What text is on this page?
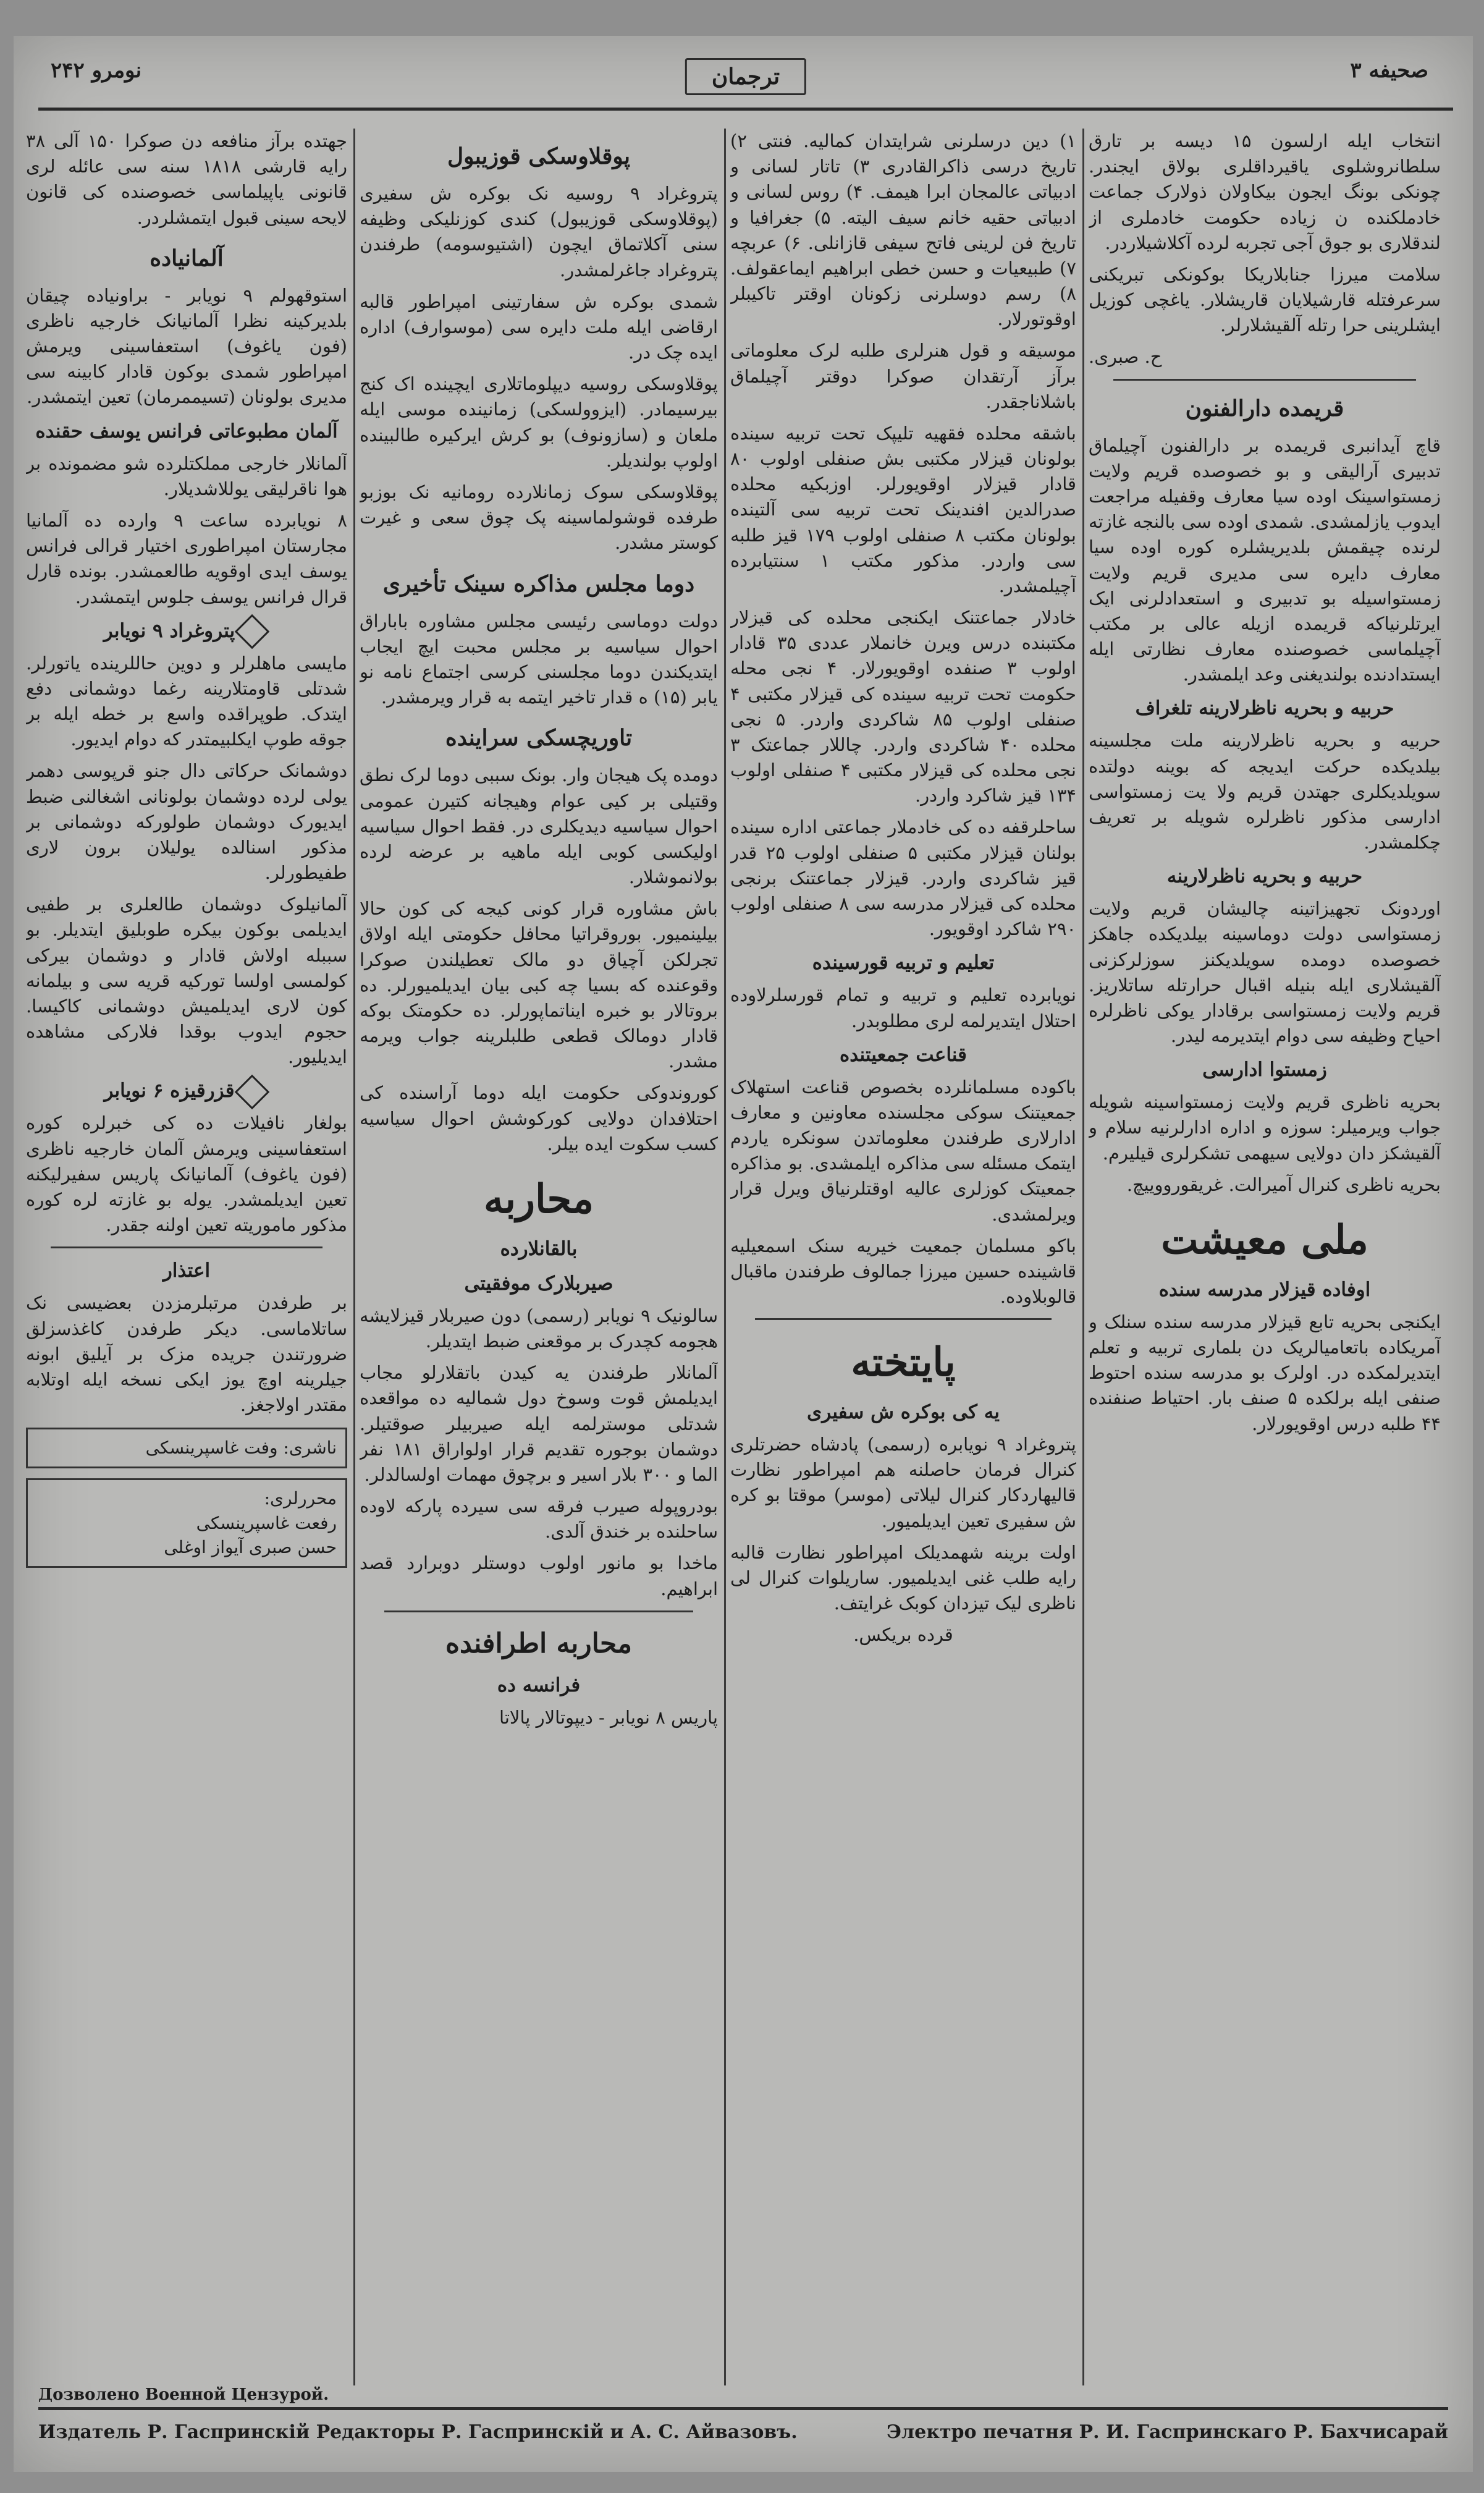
صحیفه ۳
ترجمان
نومرو ۲۴۲

انتخاب ایله ارلسون ۱۵ دیسه بر تارق سلطانروشلوی یاقیرداقلری بولاق ایجندر. چونکی بونگ ایجون بیکاولان ذولارک جماعت خادملکنده ن زیاده حکومت خادملری از لندقلاری بو جوق آجی تجربه لرده آکلاشیلاردر.

سلامت میرزا جنابلاریکا بوکونکی تبریکنی سرعرفتله قارشیلایان قاریشلار. یاغچی کوزیل ایشلرینی حرا رتله آلقیشلارلر.

ح. صبری.

قریمده دارالفنون

قاچ آیدانبری قریمده بر دارالفنون آچیلماق تدبیری آرالیقی و بو خصوصده قریم ولایت زمستواسینک اوده سیا معارف وقفیله مراجعت ایدوب یازلمشدی. شمدی اوده سی بالنجه غازته لرنده چیقمش بلدیریشلره کوره اوده سیا معارف دایره سی مدیری قریم ولایت زمستواسیله بو تدبیری و استعدادلرنی ایک ایرتلرنیاکه قریمده ازیله عالی بر مکتب آچیلماسی خصوصنده معارف نظارتی ایله ایستدادنده بولندیغنی وعد ایلمشدر.

حربیه و بحریه ناظرلارینه تلغراف

حربیه و بحریه ناظرلارینه ملت مجلسینه بیلدیکده حرکت ایدیجه که بوینه دولتده سویلدیکلری جهتدن قریم ولا یت زمستواسی ادارسی مذکور ناظرلره شویله بر تعریف چکلمشدر.

حربیه و بحریه ناظرلارینه

اوردونک تجهیزاتینه چالیشان قریم ولایت زمستواسی دولت دوماسینه بیلدیکده جاهکز خصوصده دومده سویلدیکنز سوزلرکزنی آلقیشلاری ایله بنیله اقبال حرارتله ساتلاریز. قریم ولایت زمستواسی برقادار یوکی ناظرلره احیاح وظیفه سی دوام ایتدیرمه لیدر.

زمستوا ادارسی

بحریه ناظری قریم ولایت زمستواسینه شویله جواب ویرمیلر: سوزه و اداره ادارلرنیه سلام و آلقیشکز دان دولایی سیهمی تشکرلری قیلیرم.

بحریه ناظری کنرال آمیرالت. غریقورووییچ.

ملی معیشت
اوفاده قیزلار مدرسه سنده

ایکنجی بحریه تابع قیزلار مدرسه سنده سنلک و آمریکاده باتعامیالریک دن بلماری تربیه و تعلم ایتدیرلمکده در. اولرک بو مدرسه سنده احتوط صنفی ایله برلکده ۵ صنف بار. احتیاط صنفنده ۴۴ طلبه درس اوقویورلار.

۱) دین درسلرنی شرایتدان کمالیه. فنتی ۲) تاریخ درسی ذاکرالقادری ۳) تاتار لسانی و ادبیاتی عالمجان ابرا هیمف. ۴) روس لسانی و ادبیاتی حقیه خانم سیف الیته. ۵) جغرافیا و تاریخ فن لرینی فاتح سیفی قازانلی. ۶) عربچه ۷) طبیعیات و حسن خطی ابراهیم ایماعقولف. ۸) رسم دوسلرنی زکونان اوقتر تاکیبلر اوقوتورلار.

موسیقه و قول هنرلری طلبه لرک معلوماتی برآز آرتقدان صوکرا دوقتر آچیلماق باشلاناجقدر.

باشقه محلده فقهیه تلیپک تحت تربیه سینده بولونان قیزلار مکتبی بش صنفلی اولوب ۸۰ قادار قیزلار اوقویورلر. اوزبکیه محلده صدرالدین افندینک تحت تربیه سی آلتینده بولونان مکتب ۸ صنفلی اولوب ۱۷۹ قیز طلبه سی واردر. مذکور مکتب ۱ سنتیابرده آچیلمشدر.

خادلار جماعتنک ایکنجی محلده کی قیزلار مکتبنده درس ویرن خانملار عددی ۳۵ قادار اولوب ۳ صنفده اوقویورلار. ۴ نجی محله حکومت تحت تربیه سینده کی قیزلار مکتبی ۴ صنفلی اولوب ۸۵ شاکردی واردر. ۵ نجی محلده ۴۰ شاکردی واردر. چاللار جماعتک ۳ نجی محلده کی قیزلار مکتبی ۴ صنفلی اولوب ۱۳۴ قیز شاکرد واردر.

ساحلرقفه ده کی خادملار جماعتی اداره سینده بولنان قیزلار مکتبی ۵ صنفلی اولوب ۲۵ قدر قیز شاکردی واردر. قیزلار جماعتنک برنجی محلده کی قیزلار مدرسه سی ۸ صنفلی اولوب ۲۹۰ شاکرد اوقویور.

تعلیم و تربیه قورسینده

نویابرده تعلیم و تربیه و تمام قورسلرلاوده احتلال ایتدیرلمه لری مطلوبدر.

قناعت جمعیتنده

باکوده مسلمانلرده بخصوص قناعت استهلاک جمعیتنک سوکی مجلسنده معاونین و معارف ادارلاری طرفندن معلوماتدن سونکره یاردم ایتمک مسئله سی مذاکره ایلمشدی. بو مذاکره جمعیتک کوزلری عالیه اوقتلرنیاق ویرل قرار ویرلمشدی.

باکو مسلمان جمعیت خیریه سنک اسمعیلیه قاشینده حسین میرزا جمالوف طرفندن ماقبال قالوبلاوده.

پایتخته
یه کی بوکره ش سفیری

پتروغراد ۹ نویابره (رسمی) پادشاه حضرتلری کنرال فرمان حاصلنه هم امپراطور نظارت قالیهاردکار کنرال لیلاتی (موسر) موقتا بو کره ش سفیری تعین ایدیلمیور.

اولت برینه شهمدیلک امپراطور نظارت قالبه رایه طلب غنی ایدیلمیور. ساریلوات کنرال لی ناظری لیک تیزدان کوبک غرایتف.

قرده بریکس.

پوقلاوسکی قوزیبول

پتروغراد ۹ روسیه نک بوکره ش سفیری (پوقلاوسکی قوزیبول) کندی کوزنلیکی وظیفه سنی آکلاتماق ایچون (اشتیوسومه) طرفندن پتروغراد جاغرلمشدر.

شمدی بوکره ش سفارتینی امپراطور قالبه ارقاضی ایله ملت دایره سی (موسوارف) اداره ایده چک در.

پوقلاوسکی روسیه دیپلوماتلاری ایچینده اک کنج بیرسیمادر. (ایزوولسکی) زمانینده موسی ایله ملعان و (سازونوف) بو کرش ایرکیره طالبینده اولوپ بولندیلر.

پوقلاوسکی سوک زمانلارده رومانیه نک بوزبو طرفده قوشولماسینه پک چوق سعی و غیرت کوستر مشدر.

دوما مجلس مذاکره سینک تأخیری

دولت دوماسی رئیسی مجلس مشاوره باباراق احوال سیاسیه بر مجلس محبت ایچ ایجاب ایتدیکندن دوما مجلسنی کرسی اجتماع نامه نو یابر (۱۵) ه قدار تاخیر ایتمه به قرار ویرمشدر.

تاوریچسکی سراینده

دومده پک هیجان وار. بونک سببی دوما لرک نطق وقتیلی بر کیی عوام وهیجانه کتیرن عمومی احوال سیاسیه دیدیکلری در. فقط احوال سیاسیه اولیکسی کوبی ایله ماهیه بر عرضه لرده بولانموشلار.

باش مشاوره قرار کونی کیجه کی کون حالا بیلینمیور. بوروقراتیا محافل حکومتی ایله اولاق تجرلکن آچیاق دو مالک تعطیلندن صوکرا وقوعنده که بسیا چه کبی بیان ایدیلمیورلر. ده بروتالار بو خبره ایناتماپورلر. ده حکومتک بوکه قادار دومالک قطعی طلبلرینه جواب ویرمه مشدر.

کوروندوکی حکومت ایله دوما آراسنده کی احتلافدان دولایی کورکوشش احوال سیاسیه کسب سکوت ایده بیلر.

محاربه
بالقانلارده
صیربلارک موفقیتی

سالونیک ۹ نویابر (رسمی) دون صیربلار قیزلایشه هجومه کچدرک بر موقعنی ضبط ایتدیلر.

آلمانلار طرفندن یه کیدن باتقلارلو مجاب ایدیلمش قوت وسوخ دول شمالیه ده مواقعده شدتلی موسترلمه ایله صیربیلر صوقتیلر. دوشمان بوجوره تقدیم قرار اولواراق ۱۸۱ نفر الما و ۳۰۰ بلار اسیر و برچوق مهمات اولسالدلر.

بودروپوله صیرب فرقه سی سیرده پارکه لاوده ساحلنده بر خندق آلدی.

ماخدا بو مانور اولوب دوستلر دوبرارد قصد ابراهیم.

محاربه اطرافنده
فرانسه ده

پاریس ۸ نویابر - دیپوتالار پالاتا

جهتده برآز منافعه دن صوکرا ۱۵۰ آلی ۳۸ رایه قارشی ۱۸۱۸ سنه سی عائله لری قانونی یاپیلماسی خصوصنده کی قانون لایحه سینی قبول ایتمشلردر.

آلمانیاده

استوقهولم ۹ نویابر - براونیاده چیقان بلدیرکینه نظرا آلمانیانک خارجیه ناظری (فون یاغوف) استعفاسینی ویرمش امپراطور شمدی بوکون قادار کابینه سی مدیری بولونان (تسیممرمان) تعین ایتمشدر.

آلمان مطبوعاتی فرانس یوسف حقنده

آلمانلار خارجی مملکتلرده شو مضمونده بر هوا ناقرلیقی یوللاشدیلار.

۸ نویابرده ساعت ۹ وارده ده آلمانیا مجارستان امپراطوری اختیار قرالی فرانس یوسف ایدی اوقویه طالعمشدر. بونده قارل قرال فرانس یوسف جلوس ایتمشدر.

پتروغراد ۹ نویابر

مایسی ماهلرلر و دوین حاللرینده یاتورلر. شدتلی قاومتلارینه رغما دوشمانی دفع ایتدک. طوپراقده واسع بر خطه ایله بر جوقه طوپ ایکلبیمتدر که دوام ایدیور.

دوشمانک حرکاتی دال جنو قرپوسی دهمر یولی لرده دوشمان بولونانی اشغالنی ضبط ایدیورک دوشمان طولورکه دوشمانی بر مذکور اسنالده یولیلان برون لاری طفیطورلر.

آلمانیلوک دوشمان طالعلری بر طفیی ایدیلمی بوکون بیکره طوبلیق ایتدیلر. بو سببله اولاش قادار و دوشمان بیرکی کولمسی اولسا تورکیه قریه سی و بیلمانه کون لاری ایدیلمیش دوشمانی کاکیسا. حجوم ایدوب بوقدا فلارکی مشاهده ایدیلیور.

قزرقیزه ۶ نویابر

بولغار نافیلات ده کی خبرلره کوره استعفاسینی ویرمش آلمان خارجیه ناظری (فون یاغوف) آلمانیانک پاریس سفیرلیکنه تعین ایدیلمشدر. یوله بو غازته لره کوره مذکور ماموریته تعین اولنه جقدر.

اعتذار

بر طرفدن مرتبلرمزدن بعضیسی نک ساتلاماسی. دیکر طرفدن کاغذسزلق ضرورتندن جریده مزک بر آیلیق ابونه جیلرینه اوچ یوز ایکی نسخه ایله اوتلابه مقتدر اولاجغز.

ناشری: وفت غاسپرینسکی
محررلری:
رفعت غاسپرینسکی
حسن صبری آیواز اوغلی
Дозволено Военной Цензурой.
Издатель Р. Гаспринскій Редакторы Р. Гаспринскій и А. С. Айвазовъ.	Электро печатня Р. И. Гаспринскаго Р. Бахчисарай
